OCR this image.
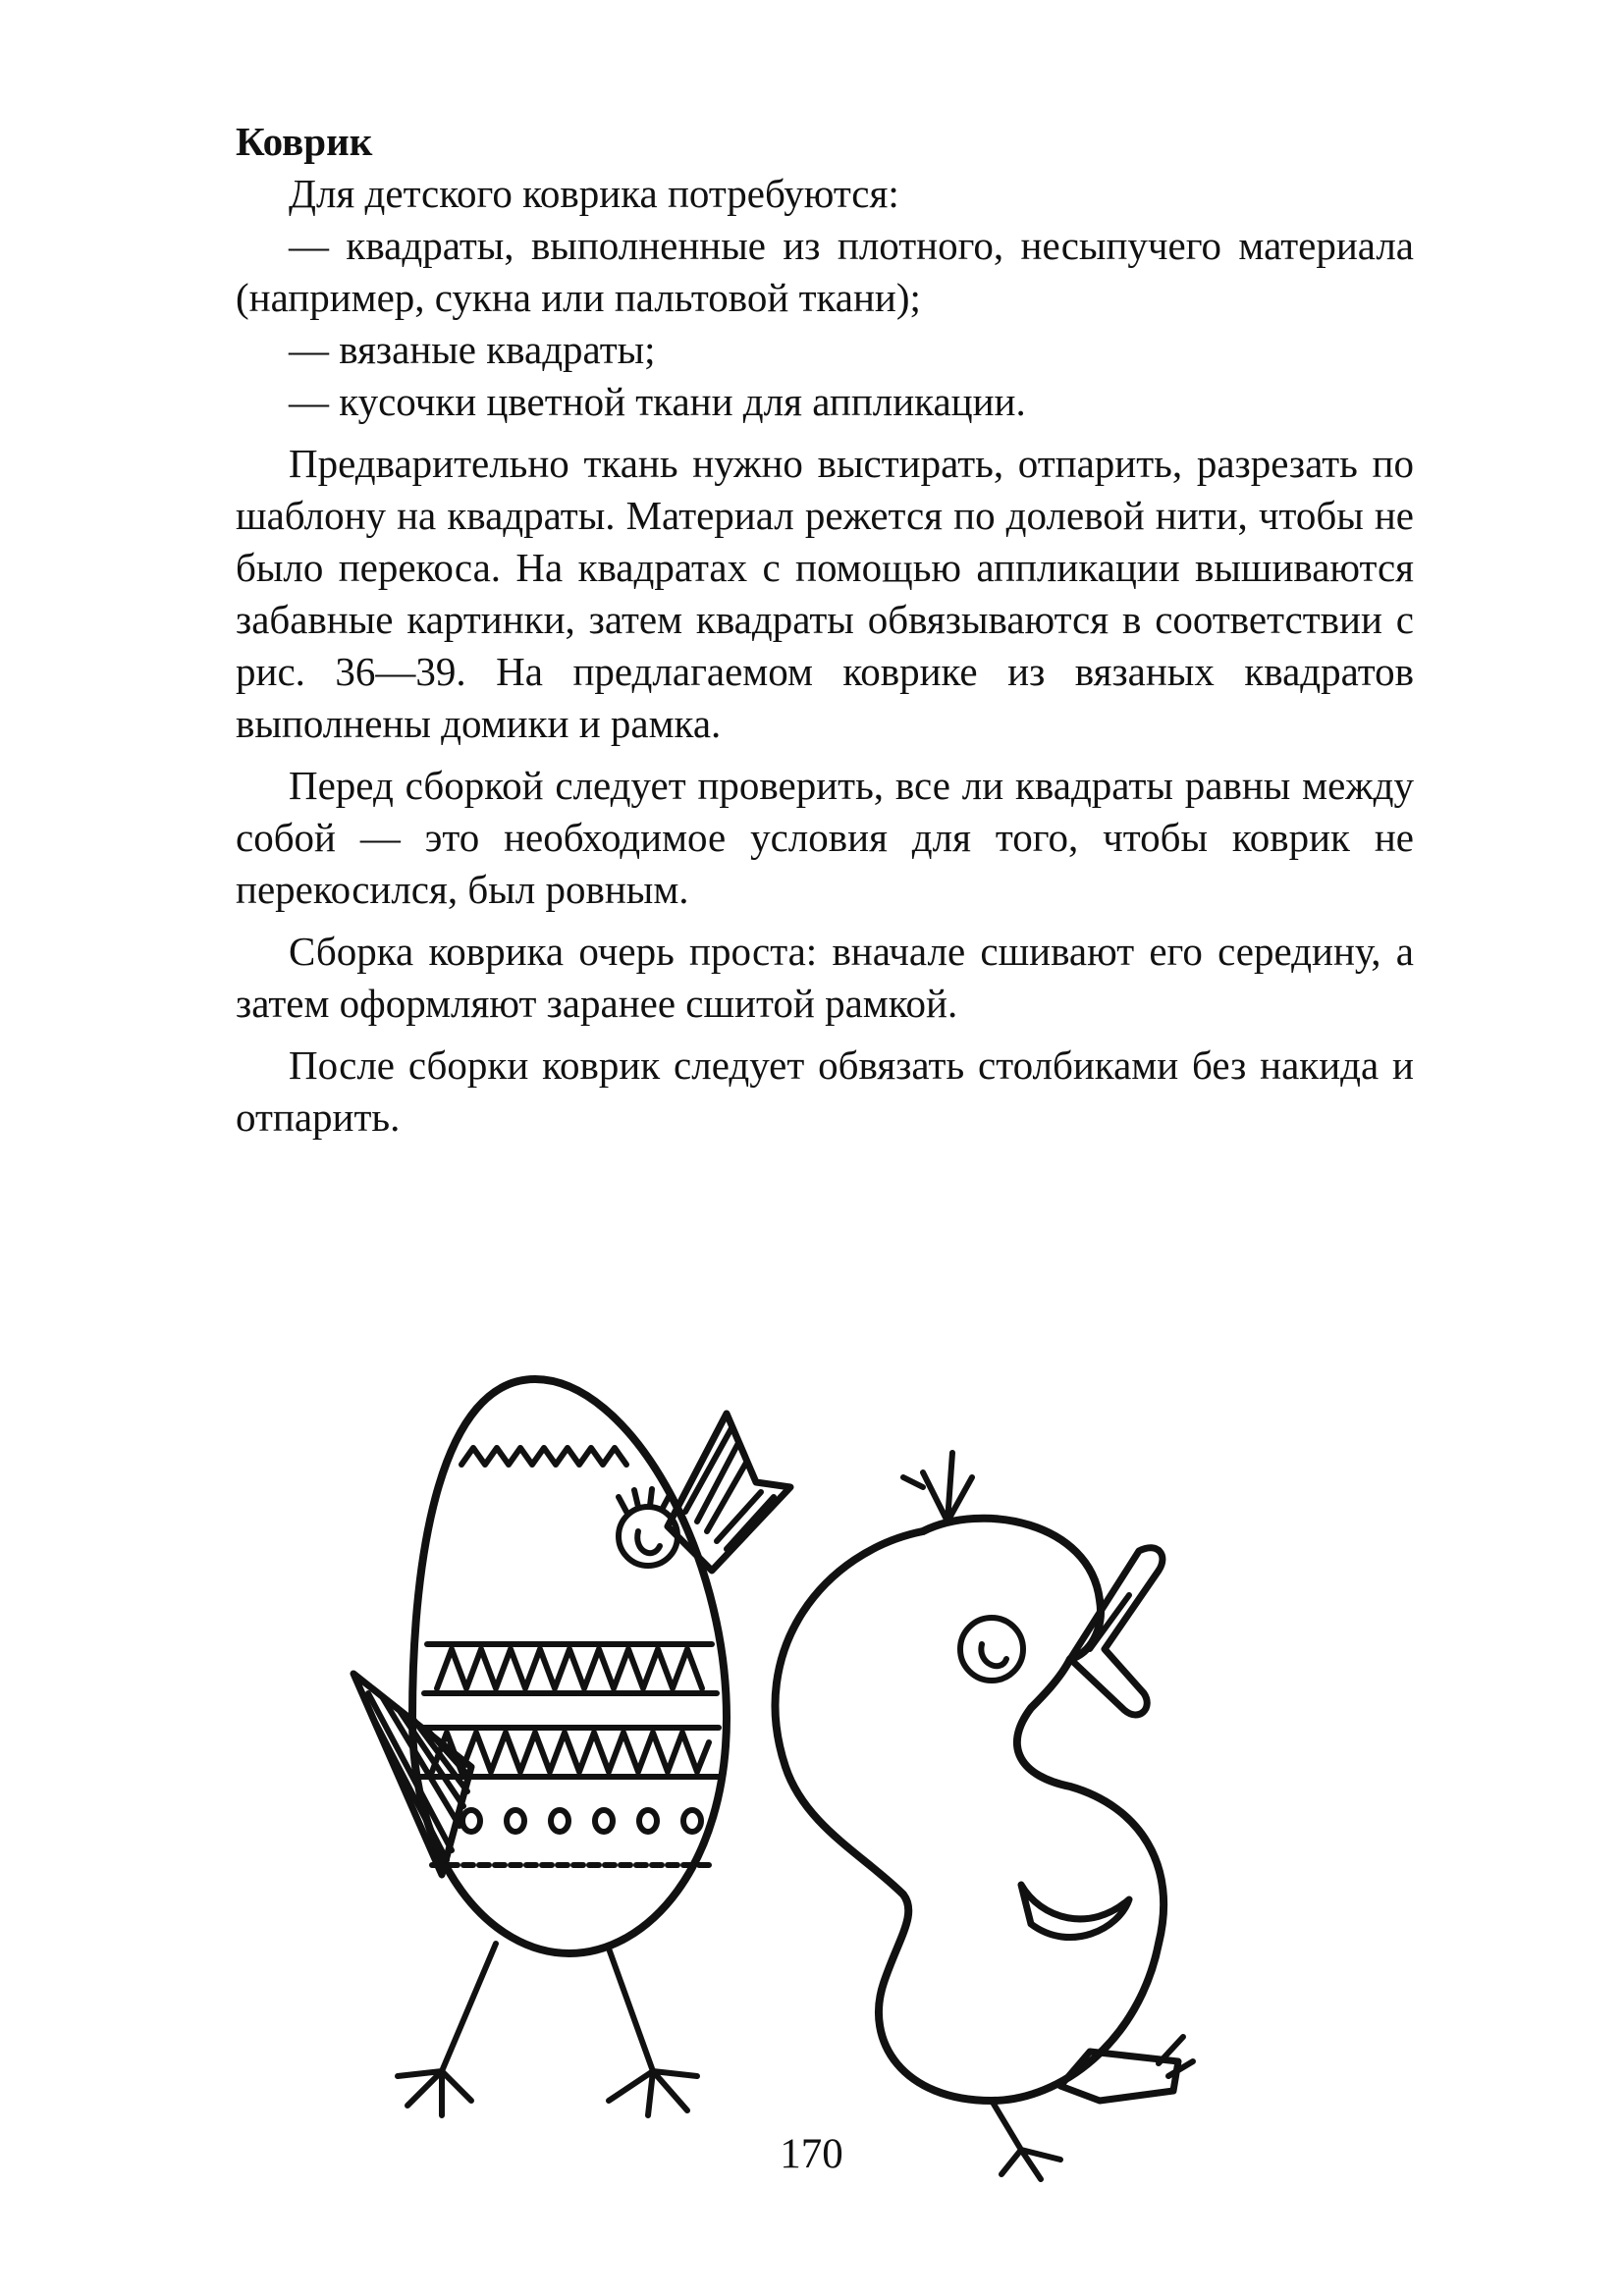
Коврик

Для детского коврика потребуются:

— квадраты, выполненные из плотного, несыпучего материала (например, сукна или пальтовой ткани);

— вязаные квадраты;

— кусочки цветной ткани для аппликации.

Предварительно ткань нужно выстирать, отпарить, разрезать по шаблону на квадраты. Материал режется по долевой нити, чтобы не было перекоса. На квадратах с помощью аппликации вышиваются забавные картинки, затем квадраты обвязываются в соответствии с рис. 36—39. На предлагаемом коврике из вязаных квадратов выполнены домики и рамка.

Перед сборкой следует проверить, все ли квадраты равны между собой — это необходимое условия для того, чтобы коврик не перекосился, был ровным.

Сборка коврика очерь проста: вначале сшивают его середину, а затем оформляют заранее сшитой рамкой.

После сборки коврик следует обвязать столбиками без накида и отпарить.

170
